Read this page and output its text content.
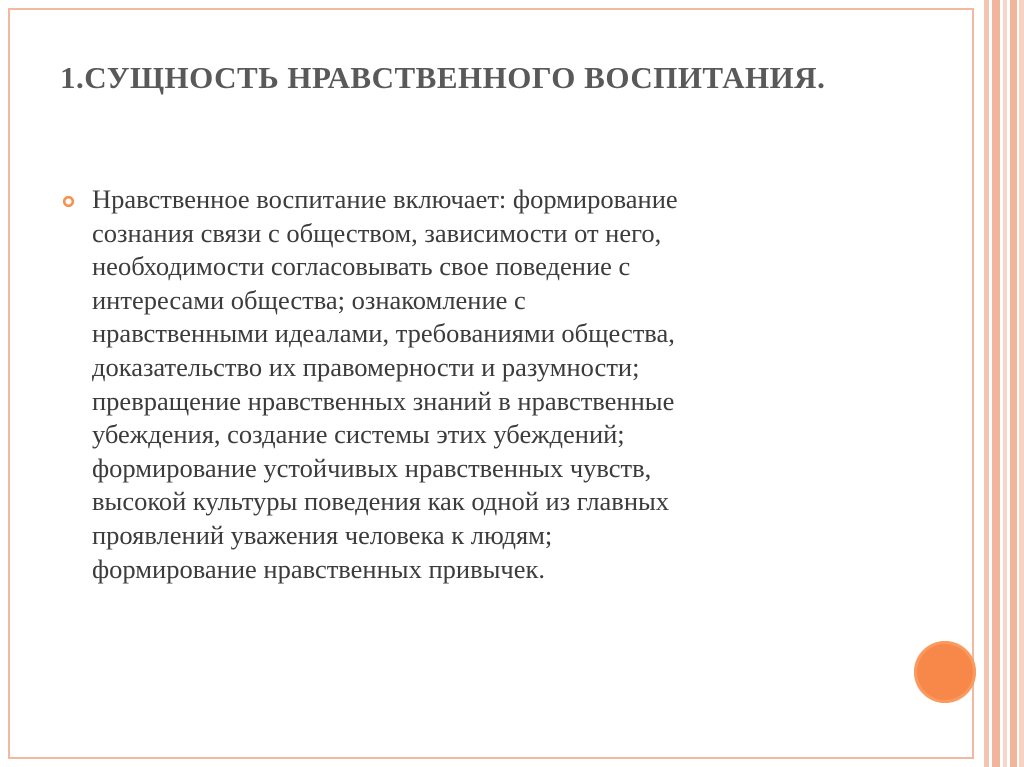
1.СУЩНОСТЬ НРАВСТВЕННОГО ВОСПИТАНИЯ.
Нравственное воспитание включает: формирование
сознания связи с обществом, зависимости от него,
необходимости согласовывать свое поведение с
интересами общества; ознакомление с
нравственными идеалами, требованиями общества,
доказательство их правомерности и разумности;
превращение нравственных знаний в нравственные
убеждения, создание системы этих убеждений;
формирование устойчивых нравственных чувств,
высокой культуры поведения как одной из главных
проявлений уважения человека к людям;
формирование нравственных привычек.
